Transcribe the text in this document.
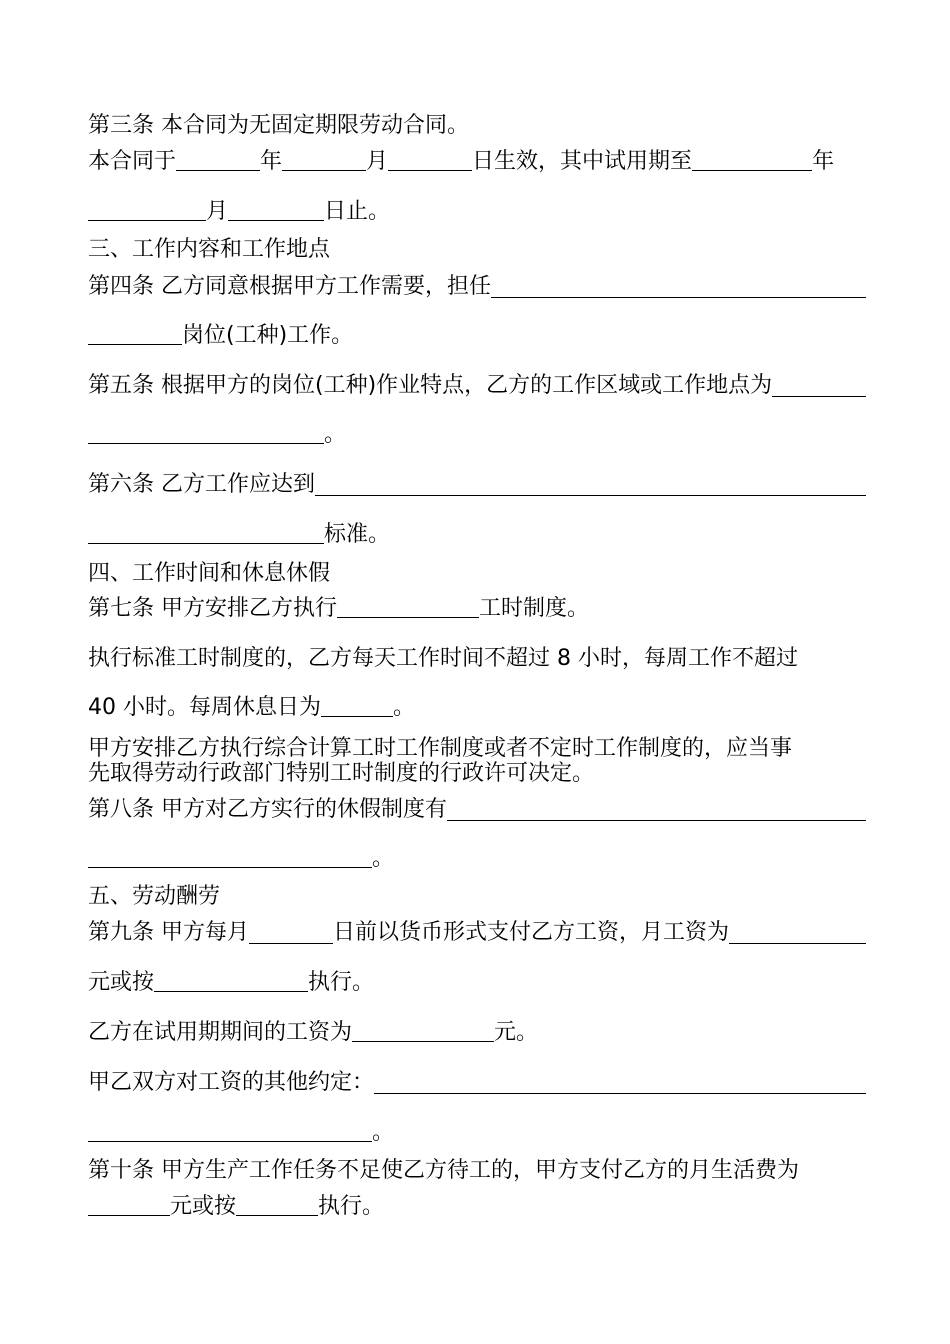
第三条 本合同为无固定期限劳动合同。
本合同于	年	月	日生效，其中试用期至	年
月	日止。
三、工作内容和工作地点
第四条 乙方同意根据甲方工作需要，担任
岗位(工种)工作。
第五条 根据甲方的岗位(工种)作业特点，乙方的工作区域或工作地点为
。
第六条 乙方工作应达到
标准。
四、工作时间和休息休假
第七条 甲方安排乙方执行	工时制度。
执行标准工时制度的，乙方每天工作时间不超过 8 小时，每周工作不超过
40 小时。每周休息日为	。
甲方安排乙方执行综合计算工时工作制度或者不定时工作制度的，应当事
先取得劳动行政部门特别工时制度的行政许可决定。
第八条 甲方对乙方实行的休假制度有
。
五、劳动酬劳
第九条 甲方每月	日前以货币形式支付乙方工资，月工资为
元或按	执行。
乙方在试用期期间的工资为	元。
甲乙双方对工资的其他约定：
。
第十条 甲方生产工作任务不足使乙方待工的，甲方支付乙方的月生活费为
元或按	执行。
